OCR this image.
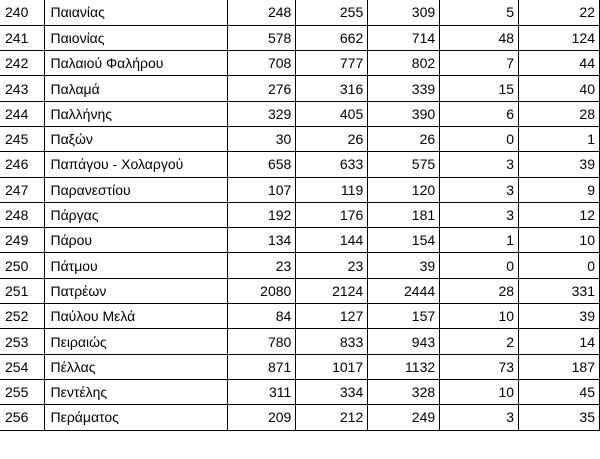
240	Παιανίας	248	255	309	5	22
241	Παιονίας	578	662	714	48	124
242	Παλαιού Φαλήρου	708	777	802	7	44
243	Παλαμά	276	316	339	15	40
244	Παλλήνης	329	405	390	6	28
245	Παξών	30	26	26	0	1
246	Παπάγου - Χολαργού	658	633	575	3	39
247	Παρανεστίου	107	119	120	3	9
248	Πάργας	192	176	181	3	12
249	Πάρου	134	144	154	1	10
250	Πάτμου	23	23	39	0	0
251	Πατρέων	2080	2124	2444	28	331
252	Παύλου Μελά	84	127	157	10	39
253	Πειραιώς	780	833	943	2	14
254	Πέλλας	871	1017	1132	73	187
255	Πεντέλης	311	334	328	10	45
256	Περάματος	209	212	249	3	35
